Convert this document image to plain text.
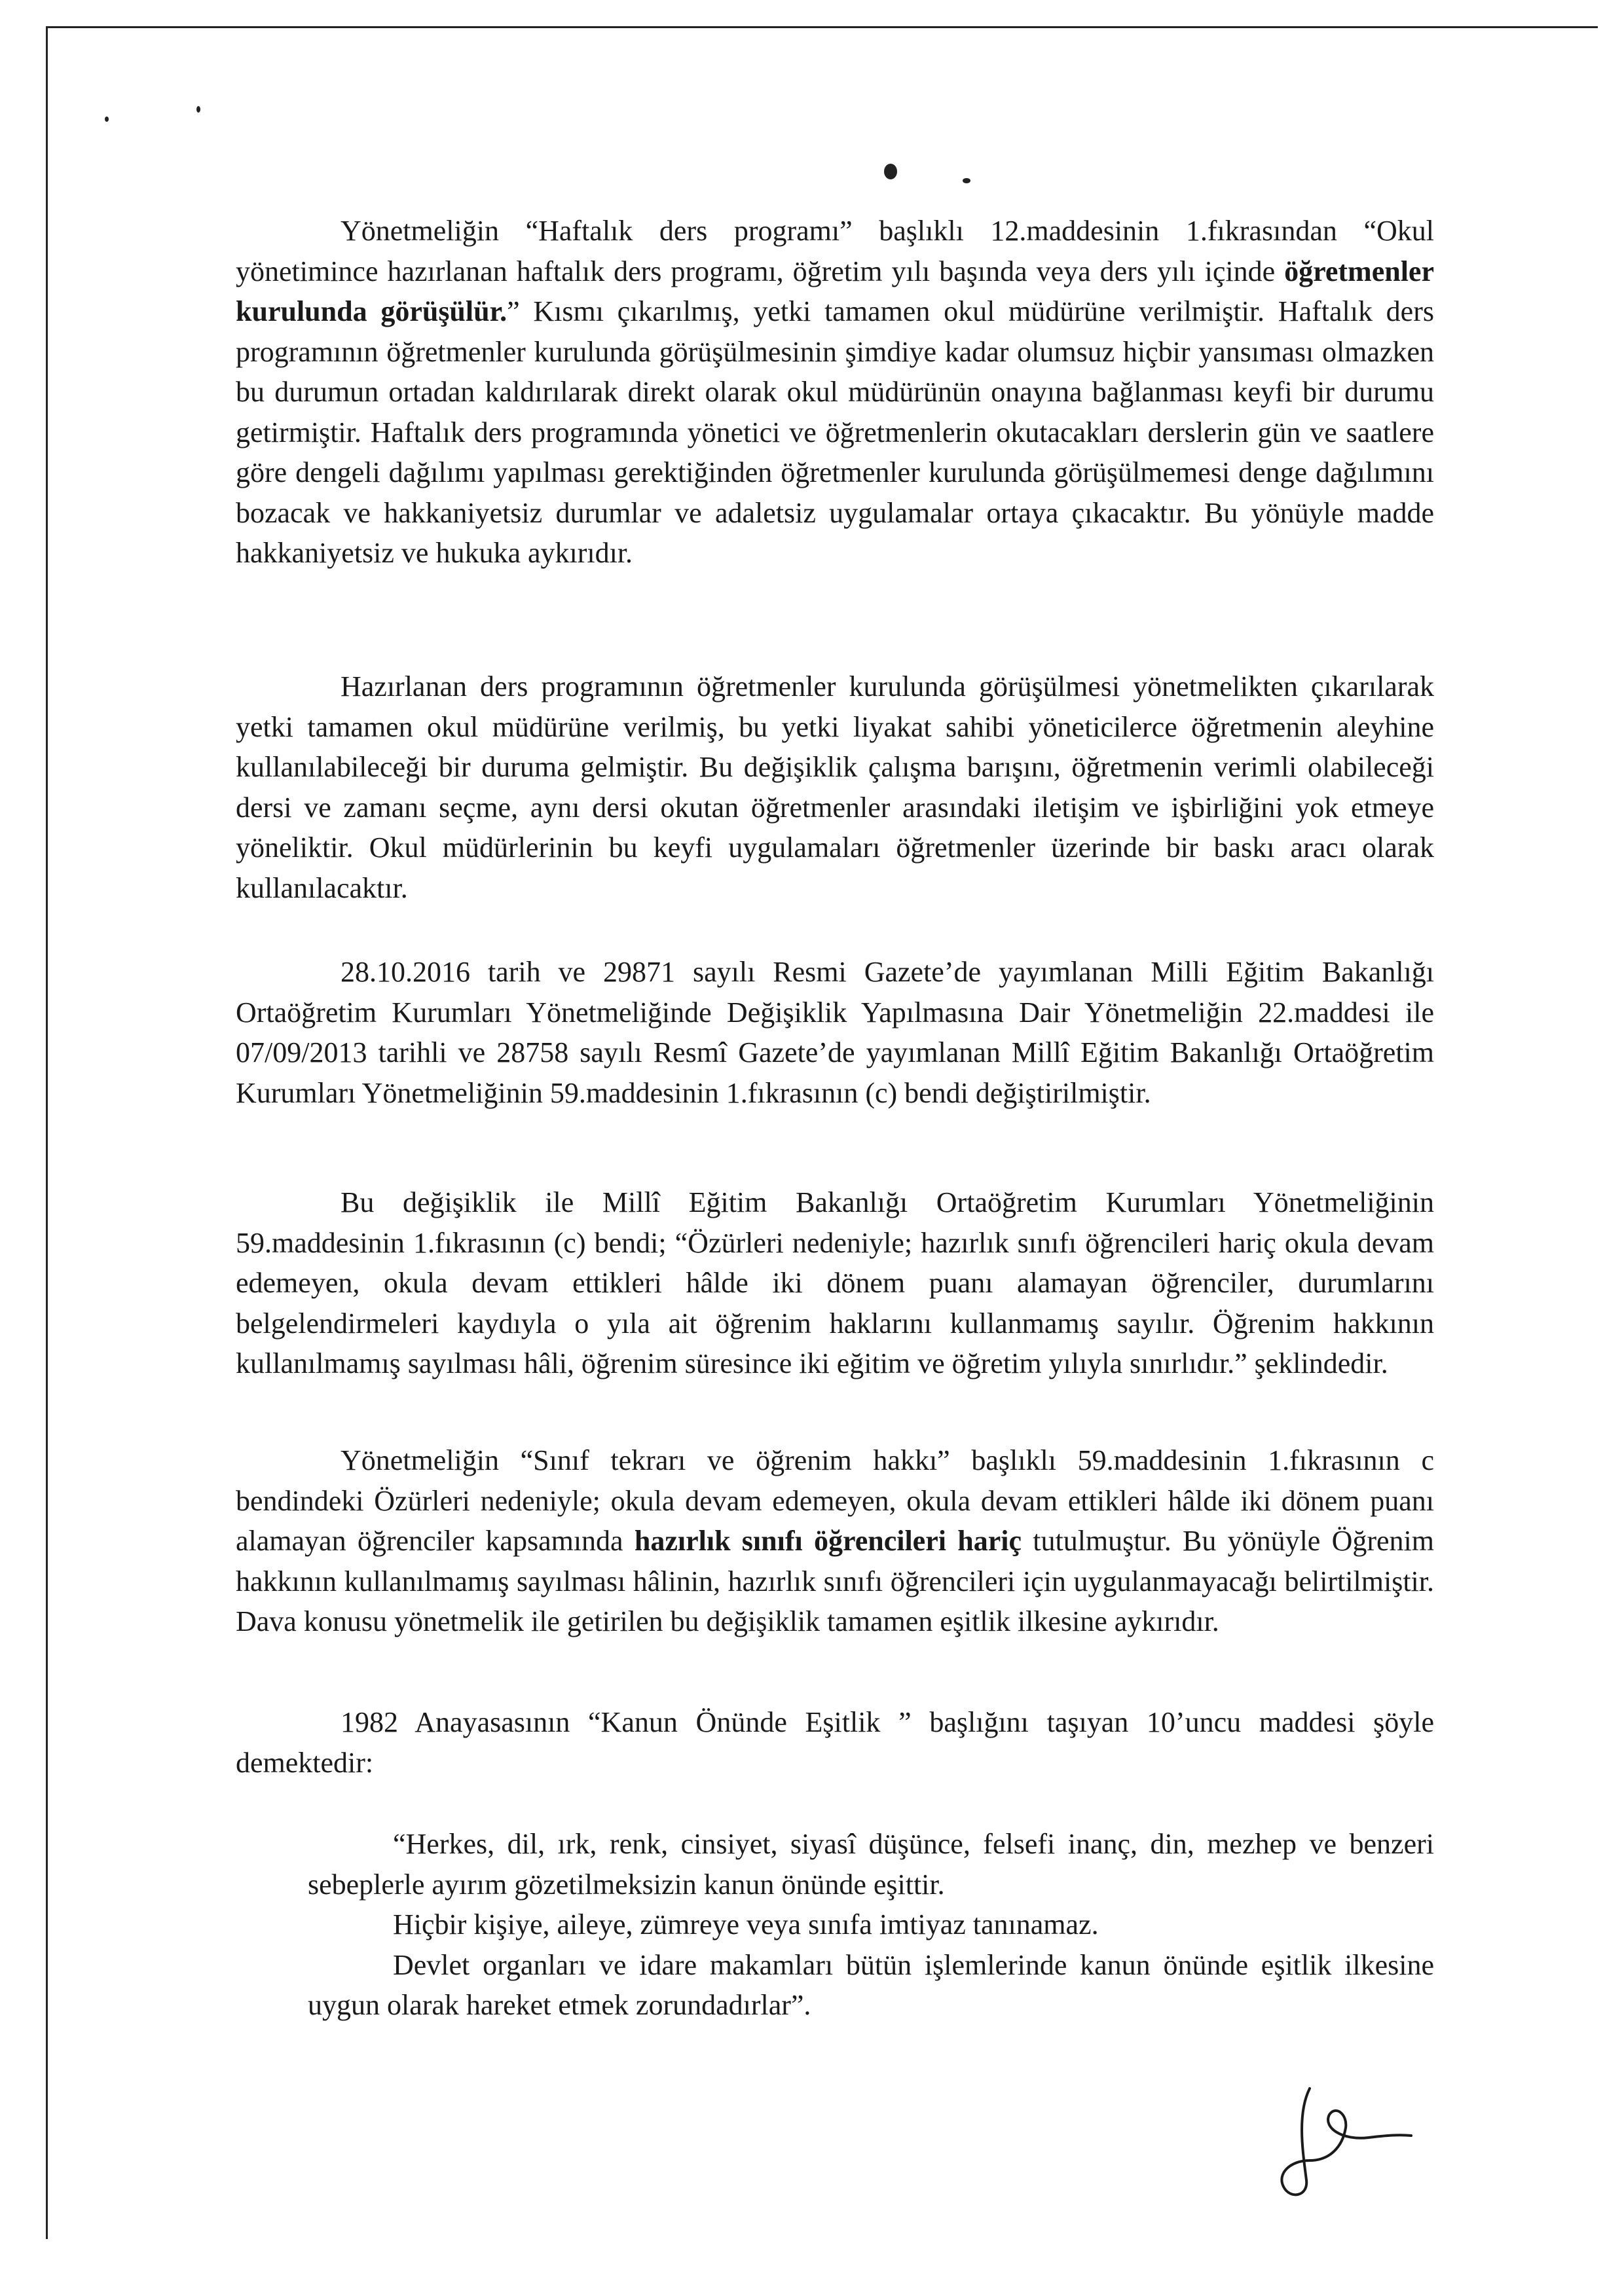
Yönetmeliğin “Haftalık ders programı” başlıklı 12.maddesinin 1.fıkrasından “Okul yönetimince hazırlanan haftalık ders programı, öğretim yılı başında veya ders yılı içinde öğretmenler kurulunda görüşülür.” Kısmı çıkarılmış, yetki tamamen okul müdürüne verilmiştir. Haftalık ders programının öğretmenler kurulunda görüşülmesinin şimdiye kadar olumsuz hiçbir yansıması olmazken bu durumun ortadan kaldırılarak direkt olarak okul müdürünün onayına bağlanması keyfi bir durumu getirmiştir. Haftalık ders programında yönetici ve öğretmenlerin okutacakları derslerin gün ve saatlere göre dengeli dağılımı yapılması gerektiğinden öğretmenler kurulunda görüşülmemesi denge dağılımını bozacak ve hakkaniyetsiz durumlar ve adaletsiz uygulamalar ortaya çıkacaktır. Bu yönüyle madde hakkaniyetsiz ve hukuka aykırıdır.

Hazırlanan ders programının öğretmenler kurulunda görüşülmesi yönetmelikten çıkarılarak yetki tamamen okul müdürüne verilmiş, bu yetki liyakat sahibi yöneticilerce öğretmenin aleyhine kullanılabileceği bir duruma gelmiştir. Bu değişiklik çalışma barışını, öğretmenin verimli olabileceği dersi ve zamanı seçme, aynı dersi okutan öğretmenler arasındaki iletişim ve işbirliğini yok etmeye yöneliktir. Okul müdürlerinin bu keyfi uygulamaları öğretmenler üzerinde bir baskı aracı olarak kullanılacaktır.

28.10.2016 tarih ve 29871 sayılı Resmi Gazete’de yayımlanan Milli Eğitim Bakanlığı Ortaöğretim Kurumları Yönetmeliğinde Değişiklik Yapılmasına Dair Yönetmeliğin 22.maddesi ile 07/09/2013 tarihli ve 28758 sayılı Resmî Gazete’de yayımlanan Millî Eğitim Bakanlığı Ortaöğretim Kurumları Yönetmeliğinin 59.maddesinin 1.fıkrasının (c) bendi değiştirilmiştir.

Bu değişiklik ile Millî Eğitim Bakanlığı Ortaöğretim Kurumları Yönetmeliğinin 59.maddesinin 1.fıkrasının (c) bendi; “Özürleri nedeniyle; hazırlık sınıfı öğrencileri hariç okula devam edemeyen, okula devam ettikleri hâlde iki dönem puanı alamayan öğrenciler, durumlarını belgelendirmeleri kaydıyla o yıla ait öğrenim haklarını kullanmamış sayılır. Öğrenim hakkının kullanılmamış sayılması hâli, öğrenim süresince iki eğitim ve öğretim yılıyla sınırlıdır.” şeklindedir.

Yönetmeliğin “Sınıf tekrarı ve öğrenim hakkı” başlıklı 59.maddesinin 1.fıkrasının c bendindeki Özürleri nedeniyle; okula devam edemeyen, okula devam ettikleri hâlde iki dönem puanı alamayan öğrenciler kapsamında hazırlık sınıfı öğrencileri hariç tutulmuştur. Bu yönüyle Öğrenim hakkının kullanılmamış sayılması hâlinin, hazırlık sınıfı öğrencileri için uygulanmayacağı belirtilmiştir. Dava konusu yönetmelik ile getirilen bu değişiklik tamamen eşitlik ilkesine aykırıdır.

1982 Anayasasının “Kanun Önünde Eşitlik ” başlığını taşıyan 10’uncu maddesi şöyle demektedir:

“Herkes, dil, ırk, renk, cinsiyet, siyasî düşünce, felsefi inanç, din, mezhep ve benzeri sebeplerle ayırım gözetilmeksizin kanun önünde eşittir.

Hiçbir kişiye, aileye, zümreye veya sınıfa imtiyaz tanınamaz.

Devlet organları ve idare makamları bütün işlemlerinde kanun önünde eşitlik ilkesine uygun olarak hareket etmek zorundadırlar”.
